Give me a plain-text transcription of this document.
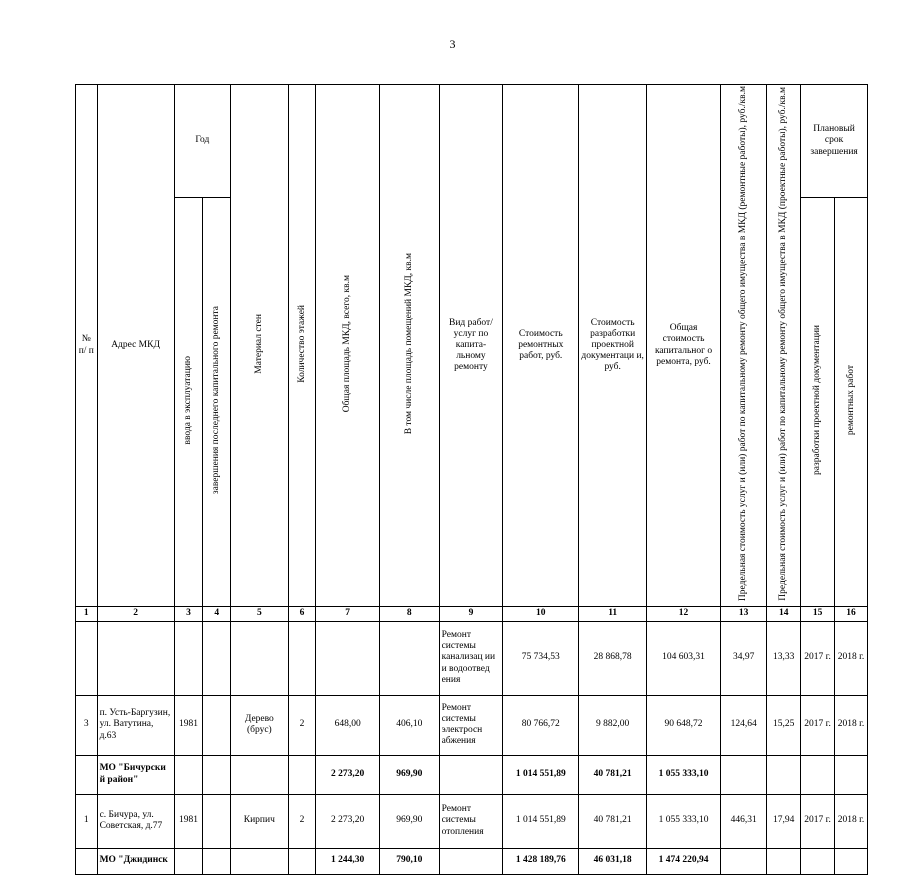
3
№ п/ п	Адрес МКД	Год		Материал стен	Количество этажей	Общая площадь МКД, всего, кв.м	В том числе площадь помещений МКД, кв.м	Вид работ/ услуг по капита- льному ремонту	Стоимость ремонтных работ, руб.	Стоимость разработки проектной документаци и, руб.	Общая стоимость капитальног о ремонта, руб.	Предельная стоимость услуг и (или) работ по капитальному ремонту общего имущества в МКД (ремонтные работы), руб./кв.м	Предельная стоимость услуг и (или) работ по капитальному ремонту общего имущества в МКД (проектные работы), руб./кв.м	Плановый срок завершения	
		ввода в эксплуатацию	завершения последнего капитального ремонта											разработки проектной документации	ремонтных работ
1	2	3	4	5	6	7	8	9	10	11	12	13	14	15	16
								Ремонт системы канализац ии и водоотвед ения	75 734,53	28 868,78	104 603,31	34,97	13,33	2017 г.	2018 г.
3	п. Усть-Баргузин, ул. Ватутина, д.63	1981		Дерево (брус)	2	648,00	406,10	Ремонт системы электросн абжения	80 766,72	9 882,00	90 648,72	124,64	15,25	2017 г.	2018 г.
	МО "Бичурски й район"					2 273,20	969,90		1 014 551,89	40 781,21	1 055 333,10				
1	с. Бичура, ул. Советская, д.77	1981		Кирпич	2	2 273,20	969,90	Ремонт системы отопления	1 014 551,89	40 781,21	1 055 333,10	446,31	17,94	2017 г.	2018 г.
	МО "Джидинск					1 244,30	790,10		1 428 189,76	46 031,18	1 474 220,94				
